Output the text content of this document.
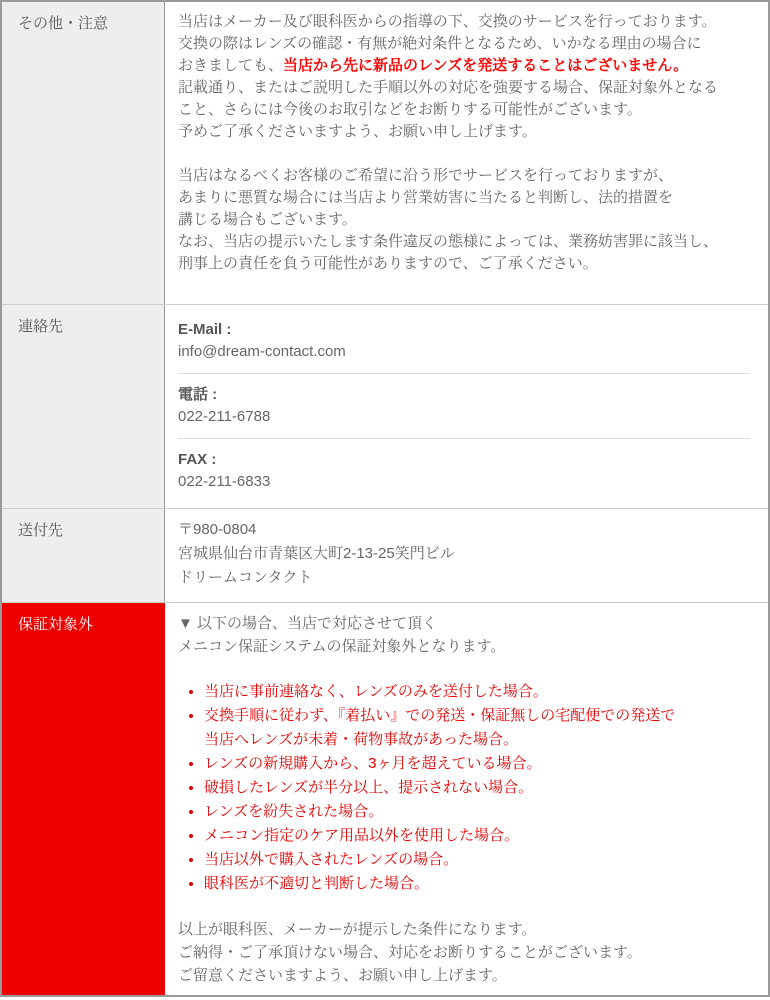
その他・注意	当店はメーカー及び眼科医からの指導の下、交換のサービスを行っております。
交換の際はレンズの確認・有無が絶対条件となるため、いかなる理由の場合に
おきましても、当店から先に新品のレンズを発送することはございません。
記載通り、またはご説明した手順以外の対応を強要する場合、保証対象外となる
こと、さらには今後のお取引などをお断りする可能性がございます。
予めご了承くださいますよう、お願い申し上げます。
当店はなるべくお客様のご希望に沿う形でサービスを行っておりますが、
あまりに悪質な場合には当店より営業妨害に当たると判断し、法的措置を
講じる場合もございます。
なお、当店の提示いたします条件違反の態様によっては、業務妨害罪に該当し、
刑事上の責任を負う可能性がありますので、ご了承ください。
連絡先	E-Mail :
info@dream-contact.com
電話 :
022-211-6788
FAX :
022-211-6833
送付先	〒980-0804
宮城県仙台市青葉区大町2-13-25笑門ビル
ドリームコンタクト
保証対象外	▼ 以下の場合、当店で対応させて頂く
メニコン保証システムの保証対象外となります。
• 当店に事前連絡なく、レンズのみを送付した場合。
• 交換手順に従わず、『着払い』での発送・保証無しの宅配便での発送で
当店へレンズが未着・荷物事故があった場合。
• レンズの新規購入から、3ヶ月を超えている場合。
• 破損したレンズが半分以上、提示されない場合。
• レンズを紛失された場合。
• メニコン指定のケア用品以外を使用した場合。
• 当店以外で購入されたレンズの場合。
• 眼科医が不適切と判断した場合。
以上が眼科医、メーカーが提示した条件になります。
ご納得・ご了承頂けない場合、対応をお断りすることがございます。
ご留意くださいますよう、お願い申し上げます。
